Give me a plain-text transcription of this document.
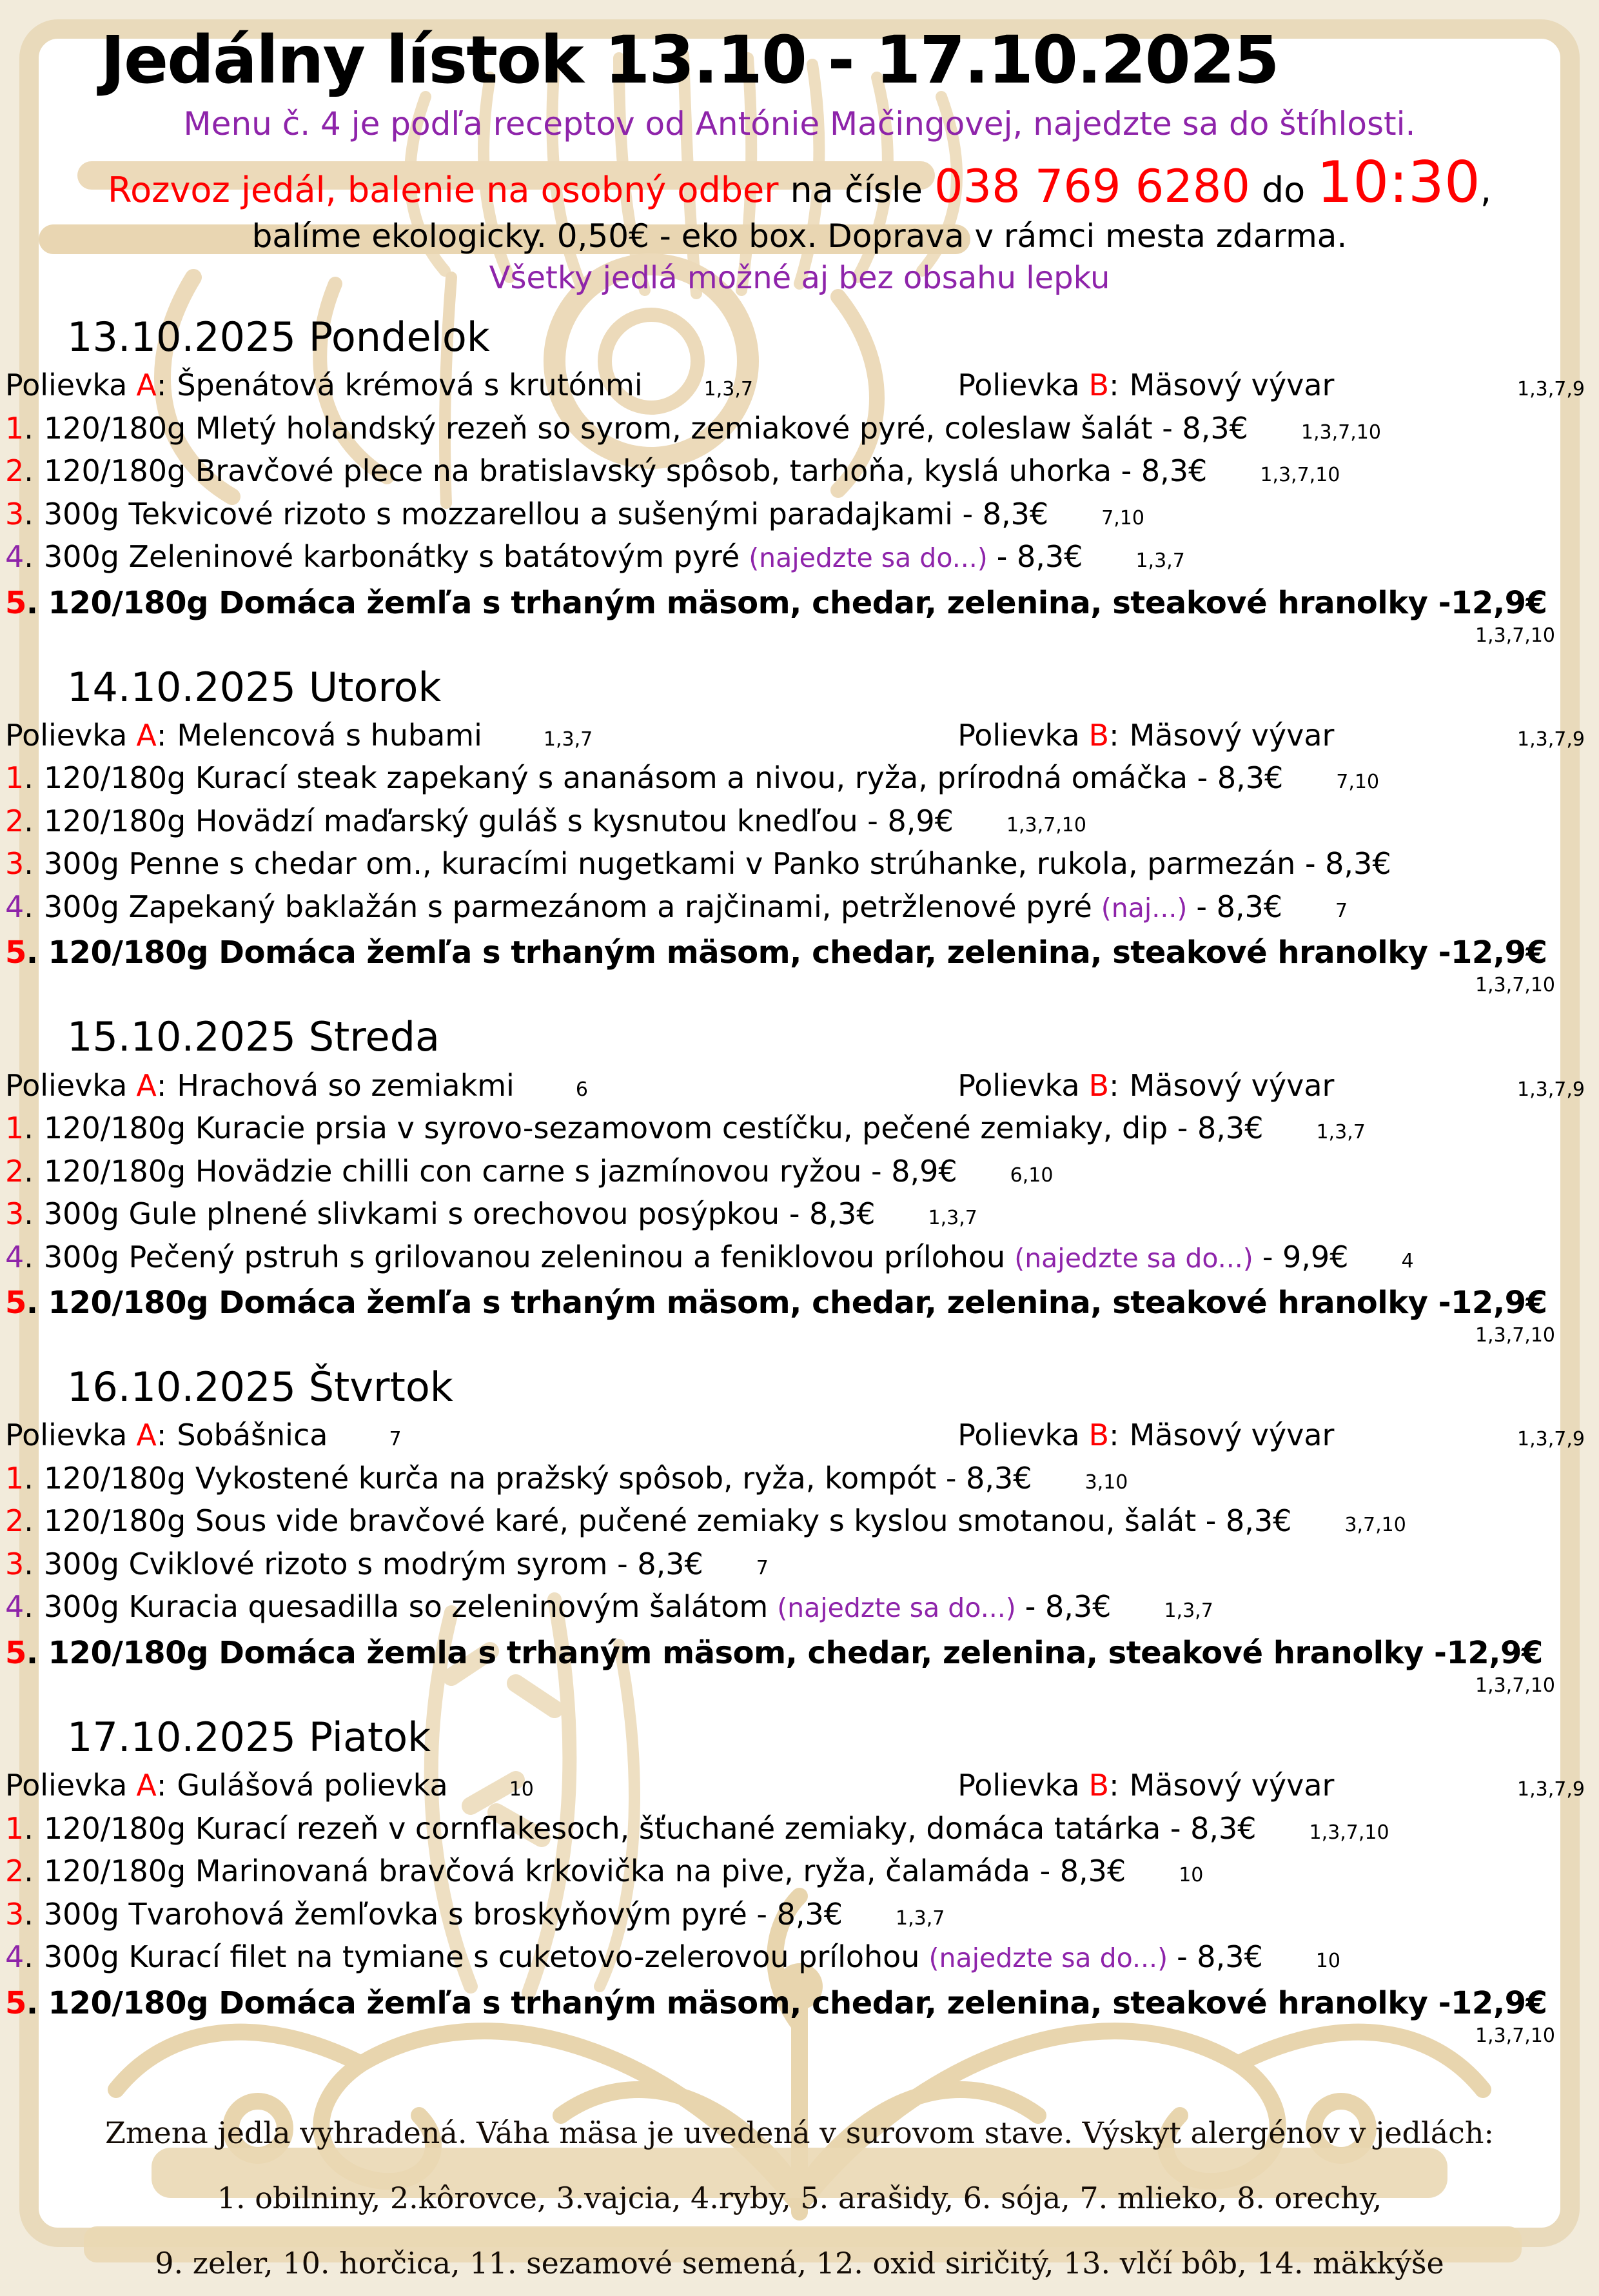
Jedálny lístok 13.10 - 17.10.2025
Menu č. 4 je podľa receptov od Antónie Mačingovej, najedzte sa do štíhlosti.
Rozvoz jedál, balenie na osobný odber na čísle 038 769 6280 do 10:30,
balíme ekologicky. 0,50€ - eko box. Doprava v rámci mesta zdarma.
Všetky jedlá možné aj bez obsahu lepku
13.10.2025 Pondelok
Polievka A : Špenátová krémová s krutónmi	1,3,7	Polievka B : Mäsový vývar	1,3,7,9
1 . 120/180g Mletý holandský rezeň so syrom, zemiakové pyré, coleslaw šalát - 8,3€	1,3,7,10
2 . 120/180g Bravčové plece na bratislavský spôsob, tarhoňa, kyslá uhorka - 8,3€	1,3,7,10
3 . 300g Tekvicové rizoto s mozzarellou a sušenými paradajkami - 8,3€	7,10
4 . 300g Zeleninové karbonátky s batátovým pyré (najedzte sa do...) - 8,3€	1,3,7
5 . 120/180g Domáca žemľa s trhaným mäsom, chedar, zelenina, steakové hranolky -12,9€
1,3,7,10
14.10.2025 Utorok
Polievka A : Melencová s hubami	1,3,7	Polievka B : Mäsový vývar	1,3,7,9
1 . 120/180g Kurací steak zapekaný s ananásom a nivou, ryža, prírodná omáčka - 8,3€	7,10
2 . 120/180g Hovädzí maďarský guláš s kysnutou knedľou - 8,9€	1,3,7,10
3 . 300g Penne s chedar om., kuracími nugetkami v Panko strúhanke, rukola, parmezán - 8,3€
4 . 300g Zapekaný baklažán s parmezánom a rajčinami, petržlenové pyré (naj...) - 8,3€	7
5 . 120/180g Domáca žemľa s trhaným mäsom, chedar, zelenina, steakové hranolky -12,9€
1,3,7,10
15.10.2025 Streda
Polievka A : Hrachová so zemiakmi	6	Polievka B : Mäsový vývar	1,3,7,9
1 . 120/180g Kuracie prsia v syrovo-sezamovom cestíčku, pečené zemiaky, dip - 8,3€	1,3,7
2 . 120/180g Hovädzie chilli con carne s jazmínovou ryžou - 8,9€	6,10
3 . 300g Gule plnené slivkami s orechovou posýpkou - 8,3€	1,3,7
4 . 300g Pečený pstruh s grilovanou zeleninou a feniklovou prílohou (najedzte sa do...) - 9,9€	4
5 . 120/180g Domáca žemľa s trhaným mäsom, chedar, zelenina, steakové hranolky -12,9€
1,3,7,10
16.10.2025 Štvrtok
Polievka A : Sobášnica	7	Polievka B : Mäsový vývar	1,3,7,9
1 . 120/180g Vykostené kurča na pražský spôsob, ryža, kompót - 8,3€	3,10
2 . 120/180g Sous vide bravčové karé, pučené zemiaky s kyslou smotanou, šalát - 8,3€	3,7,10
3 . 300g Cviklové rizoto s modrým syrom - 8,3€	7
4 . 300g Kuracia quesadilla so zeleninovým šalátom (najedzte sa do...) - 8,3€	1,3,7
5 . 120/180g Domáca žemla s trhaným mäsom, chedar, zelenina, steakové hranolky -12,9€
1,3,7,10
17.10.2025 Piatok
Polievka A : Gulášová polievka	10	Polievka B : Mäsový vývar	1,3,7,9
1 . 120/180g Kurací rezeň v cornflakesoch, šťuchané zemiaky, domáca tatárka - 8,3€	1,3,7,10
2 . 120/180g Marinovaná bravčová krkovička na pive, ryža, čalamáda - 8,3€	10
3 . 300g Tvarohová žemľovka s broskyňovým pyré - 8,3€	1,3,7
4 . 300g Kurací filet na tymiane s cuketovo-zelerovou prílohou (najedzte sa do...) - 8,3€	10
5 . 120/180g Domáca žemľa s trhaným mäsom, chedar, zelenina, steakové hranolky -12,9€
1,3,7,10
Zmena jedla vyhradená. Váha mäsa je uvedená v surovom stave. Výskyt alergénov v jedlách:
1. obilniny, 2.kôrovce, 3.vajcia, 4.ryby, 5. arašidy, 6. sója, 7. mlieko, 8. orechy,
9. zeler, 10. horčica, 11. sezamové semená, 12. oxid siričitý, 13. vlčí bôb, 14. mäkkýše
